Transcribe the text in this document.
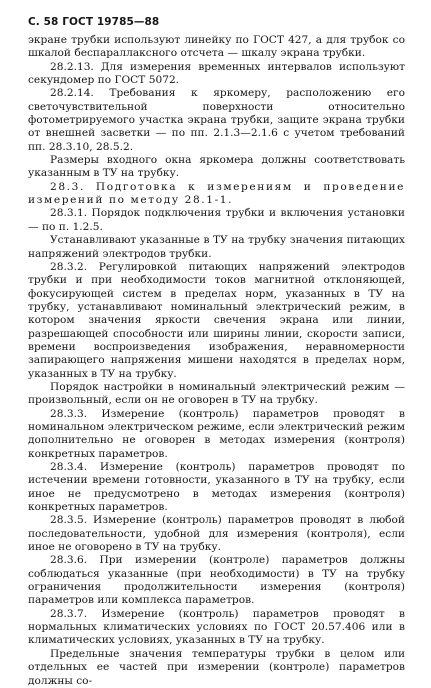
С. 58 ГОСТ 19785—88

экране трубки используют линейку по ГОСТ 427, а для трубок со шкалой беспараллаксного отсчета — шкалу экрана трубки.

28.2.13. Для измерения временных интервалов используют секундомер по ГОСТ 5072.

28.2.14. Требования к яркомеру, расположению его светочувствительной поверхности относительно фотометрируемого участка экрана трубки, защите экрана трубки от внешней засветки — по пп. 2.1.3—2.1.6 с учетом требований пп. 28.3.10, 28.5.2.

Размеры входного окна яркомера должны соответствовать указанным в ТУ на трубку.

28.3. Подготовка к измерениям и проведение измерений по методу 28.1-1.

28.3.1. Порядок подключения трубки и включения установки— по п. 1.2.5.

Устанавливают указанные в ТУ на трубку значения питающих напряжений электродов трубки.

28.3.2. Регулировкой питающих напряжений электродов трубки и при необходимости токов магнитной отклоняющей, фокусирующей систем в пределах норм, указанных в ТУ на трубку, устанавливают номинальный электрический режим, в котором значения яркости свечения экрана или линии, разрешающей способности или ширины линии, скорости записи, времени воспроизведения изображения, неравномерности запирающего напряжения мишени находятся в пределах норм, указанных в ТУ на трубку.

Порядок настройки в номинальный электрический режим — произвольный, если он не оговорен в ТУ на трубку.

28.3.3. Измерение (контроль) параметров проводят в номинальном электрическом режиме, если электрический режим дополнительно не оговорен в методах измерения (контроля) конкретных параметров.

28.3.4. Измерение (контроль) параметров проводят по истечении времени готовности, указанного в ТУ на трубку, если иное не предусмотрено в методах измерения (контроля) конкретных параметров.

28.3.5. Измерение (контроль) параметров проводят в любой последовательности, удобной для измерения (контроля), если иное не оговорено в ТУ на трубку.

28.3.6. При измерении (контроле) параметров должны соблюдаться указанные (при необходимости) в ТУ на трубку ограничения продолжительности измерения (контроля) параметров или комплекса параметров.

28.3.7. Измерение (контроль) параметров проводят в нормальных климатических условиях по ГОСТ 20.57.406 или в климатических условиях, указанных в ТУ на трубку.

Предельные значения температуры трубки в целом или отдельных ее частей при измерении (контроле) параметров должны со-
